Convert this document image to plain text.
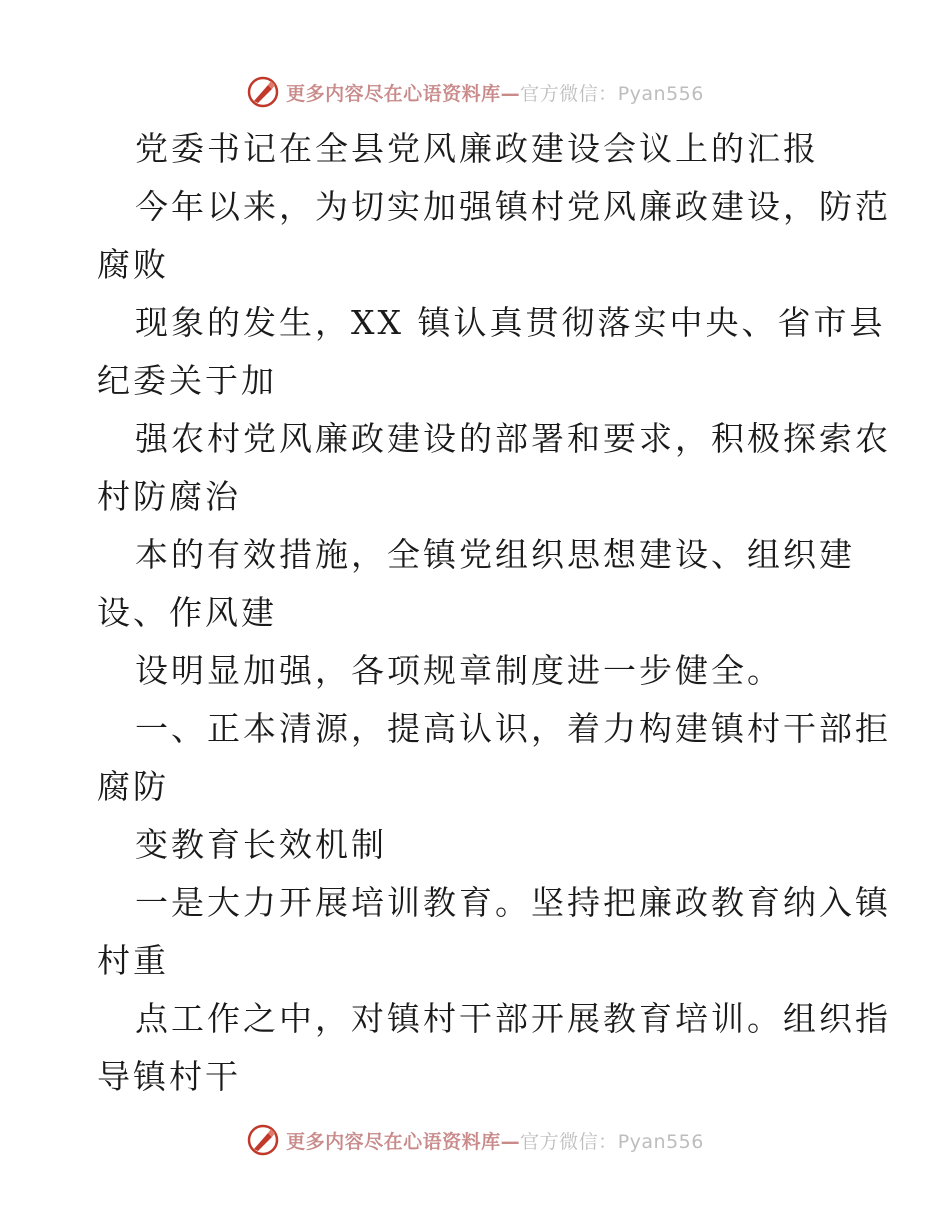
更多内容尽在心语资料库—官方微信：Pyan556

党委书记在全县党风廉政建设会议上的汇报

今年以来，为切实加强镇村党风廉政建设，防范

腐败

现象的发生，XX 镇认真贯彻落实中央、省市县

纪委关于加

强农村党风廉政建设的部署和要求，积极探索农

村防腐治

本的有效措施，全镇党组织思想建设、组织建

设、作风建

设明显加强，各项规章制度进一步健全。

一、正本清源，提高认识，着力构建镇村干部拒

腐防

变教育长效机制

一是大力开展培训教育。坚持把廉政教育纳入镇

村重

点工作之中，对镇村干部开展教育培训。组织指

导镇村干

更多内容尽在心语资料库—官方微信：Pyan556
